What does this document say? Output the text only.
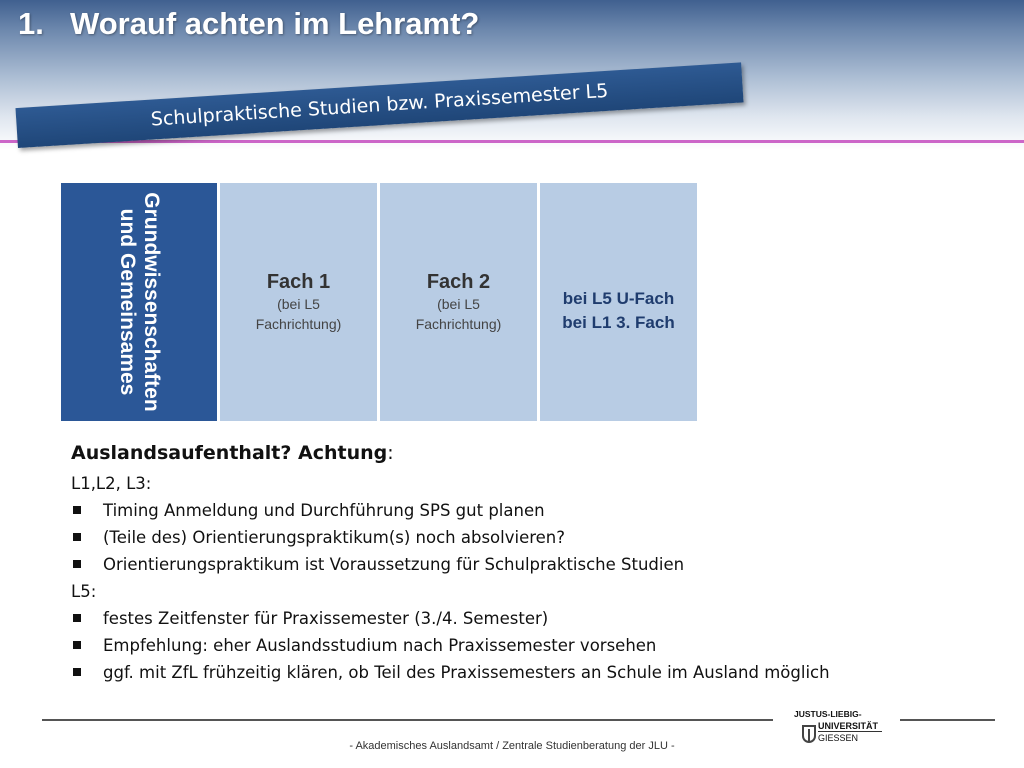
1. Worauf achten im Lehramt?
Schulpraktische Studien bzw. Praxissemester L5
Grundwissenschaften und Gemeinsames	Fach 1
(bei L5 Fachrichtung)
Fach 2
(bei L5 Fachrichtung)
bei L5 U-Fach
bei L1 3. Fach
Auslandsaufenthalt? Achtung:
L1,L2, L3:
Timing Anmeldung und Durchführung SPS gut planen
(Teile des) Orientierungspraktikum(s) noch absolvieren?
Orientierungspraktikum ist Voraussetzung für Schulpraktische Studien
L5:
festes Zeitfenster für Praxissemester (3./4. Semester)
Empfehlung: eher Auslandsstudium nach Praxissemester vorsehen
ggf. mit ZfL frühzeitig klären, ob Teil des Praxissemesters an Schule im Ausland möglich
- Akademisches Auslandsamt / Zentrale Studienberatung der JLU -
JUSTUS-LIEBIG-
UNIVERSITÄT
GIESSEN
